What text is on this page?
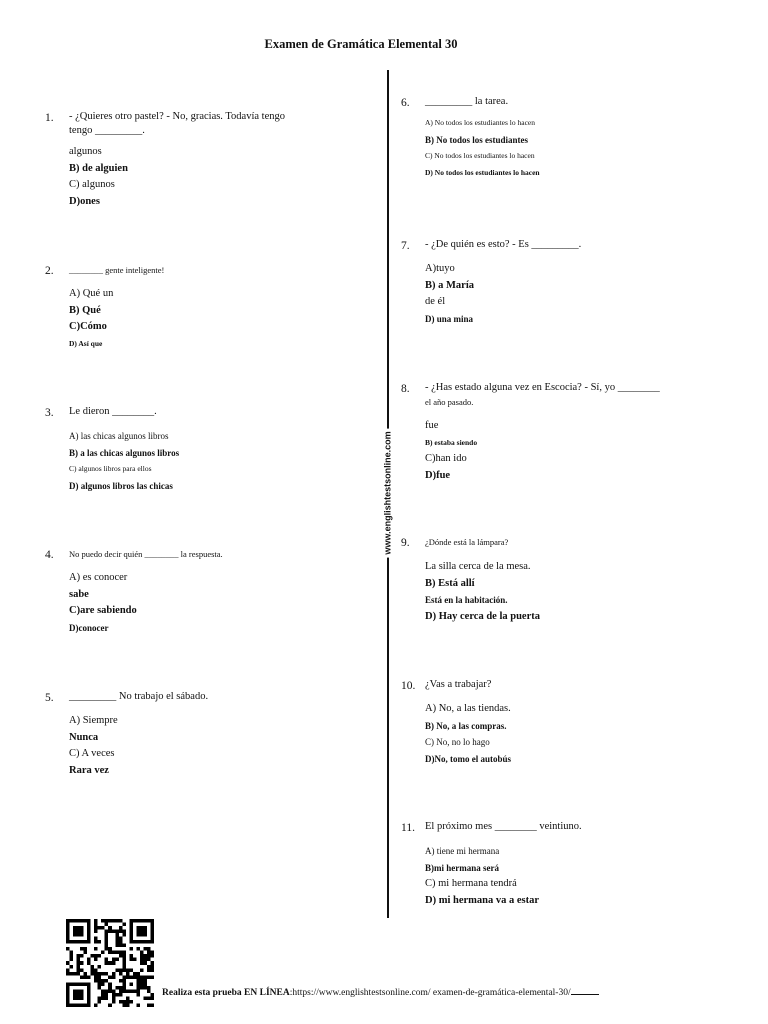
Examen de Gramática Elemental 30
www.englishtestsonline.com
1. - ¿Quieres otro pastel? - No, gracias. Todavía tengo tengo _________.

algunos

B) de alguien

C) algunos

D)ones

2. ________ gente inteligente!

A) Qué un

B) Qué

C)Cómo

D) Así que

3. Le dieron ________.

A) las chicas algunos libros

B) a las chicas algunos libros

C) algunos libros para ellos

D) algunos libros las chicas

4. No puedo decir quién ________ la respuesta.

A) es conocer

sabe

C)are sabiendo

D)conocer

5. _________ No trabajo el sábado.

A) Siempre

Nunca

C) A veces

Rara vez

6. _________ la tarea.

A) No todos los estudiantes lo hacen

B) No todos los estudiantes

C) No todos los estudiantes lo hacen

D) No todos los estudiantes lo hacen

7. - ¿De quién es esto? - Es _________.

A)tuyo

B) a María

de él

D) una mina

8. - ¿Has estado alguna vez en Escocia? - Sí, yo ________

el año pasado.

fue

B) estaba siendo

C)han ido

D)fue

9. ¿Dónde está la lámpara?

La silla cerca de la mesa.

B) Está allí

Está en la habitación.

D) Hay cerca de la puerta

10. ¿Vas a trabajar?

A) No, a las tiendas.

B) No, a las compras.

C) No, no lo hago

D)No, tomo el autobús

11. El próximo mes ________ veintiuno.

A) tiene mi hermana

B)mi hermana será

C) mi hermana tendrá

D) mi hermana va a estar

Realiza esta prueba EN LÍNEA:https://www.englishtestsonline.com/ examen-de-gramática-elemental-30/
